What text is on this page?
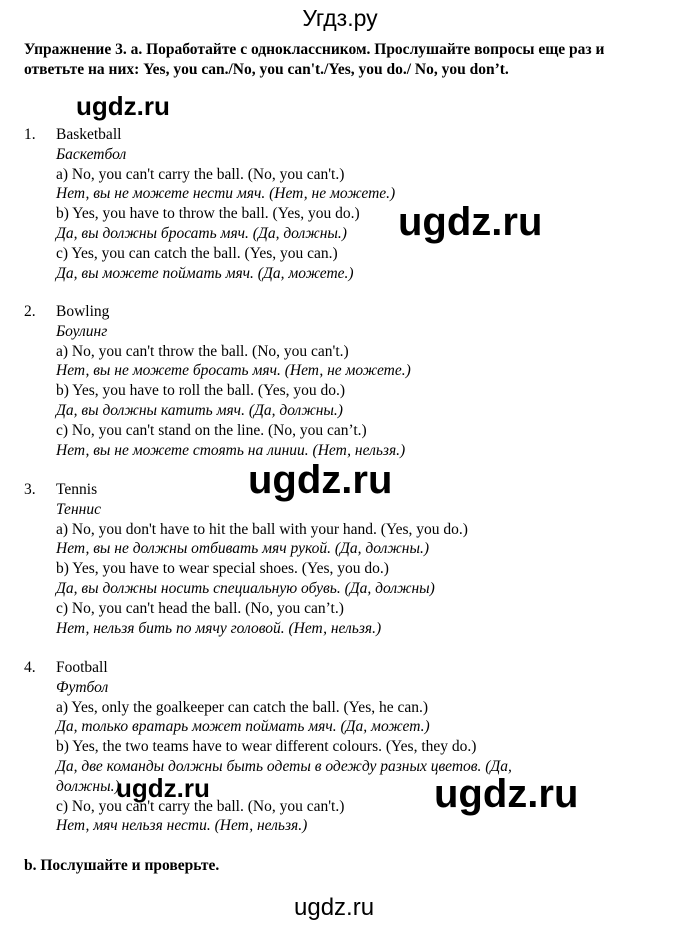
Угдз.ру
Упражнение 3. a. Поработайте с одноклассником. Прослушайте вопросы еще раз и ответьте на них: Yes, you can./No, you can't./Yes, you do./ No, you don’t.
1.	Basketball
Баскетбол
a) No, you can't carry the ball. (No, you can't.)
Нет, вы не можете нести мяч. (Нет, не можете.)
b) Yes, you have to throw the ball. (Yes, you do.)
Да, вы должны бросать мяч. (Да, должны.)
c) Yes, you can catch the ball. (Yes, you can.)
Да, вы можете поймать мяч. (Да, можете.)
2.	Bowling
Боулинг
a) No, you can't throw the ball. (No, you can't.)
Нет, вы не можете бросать мяч. (Нет, не можете.)
b) Yes, you have to roll the ball. (Yes, you do.)
Да, вы должны катить мяч. (Да, должны.)
c) No, you can't stand on the line. (No, you can’t.)
Нет, вы не можете стоять на линии. (Нет, нельзя.)
3.	Tennis
Теннис
a) No, you don't have to hit the ball with your hand. (Yes, you do.)
Нет, вы не должны отбивать мяч рукой. (Да, должны.)
b) Yes, you have to wear special shoes. (Yes, you do.)
Да, вы должны носить специальную обувь. (Да, должны)
c) No, you can't head the ball. (No, you can’t.)
Нет, нельзя бить по мячу головой. (Нет, нельзя.)
4.	Football
Футбол
a) Yes, only the goalkeeper can catch the ball. (Yes, he can.)
Да, только вратарь может поймать мяч. (Да, может.)
b) Yes, the two teams have to wear different colours. (Yes, they do.)
Да, две команды должны быть одеты в одежду разных цветов. (Да, должны.)
c) No, you can't carry the ball. (No, you can't.)
Нет, мяч нельзя нести. (Нет, нельзя.)
b. Послушайте и проверьте.
ugdz.ru
ugdz.ru
ugdz.ru
ugdz.ru	ugdz.ru
ugdz.ru
